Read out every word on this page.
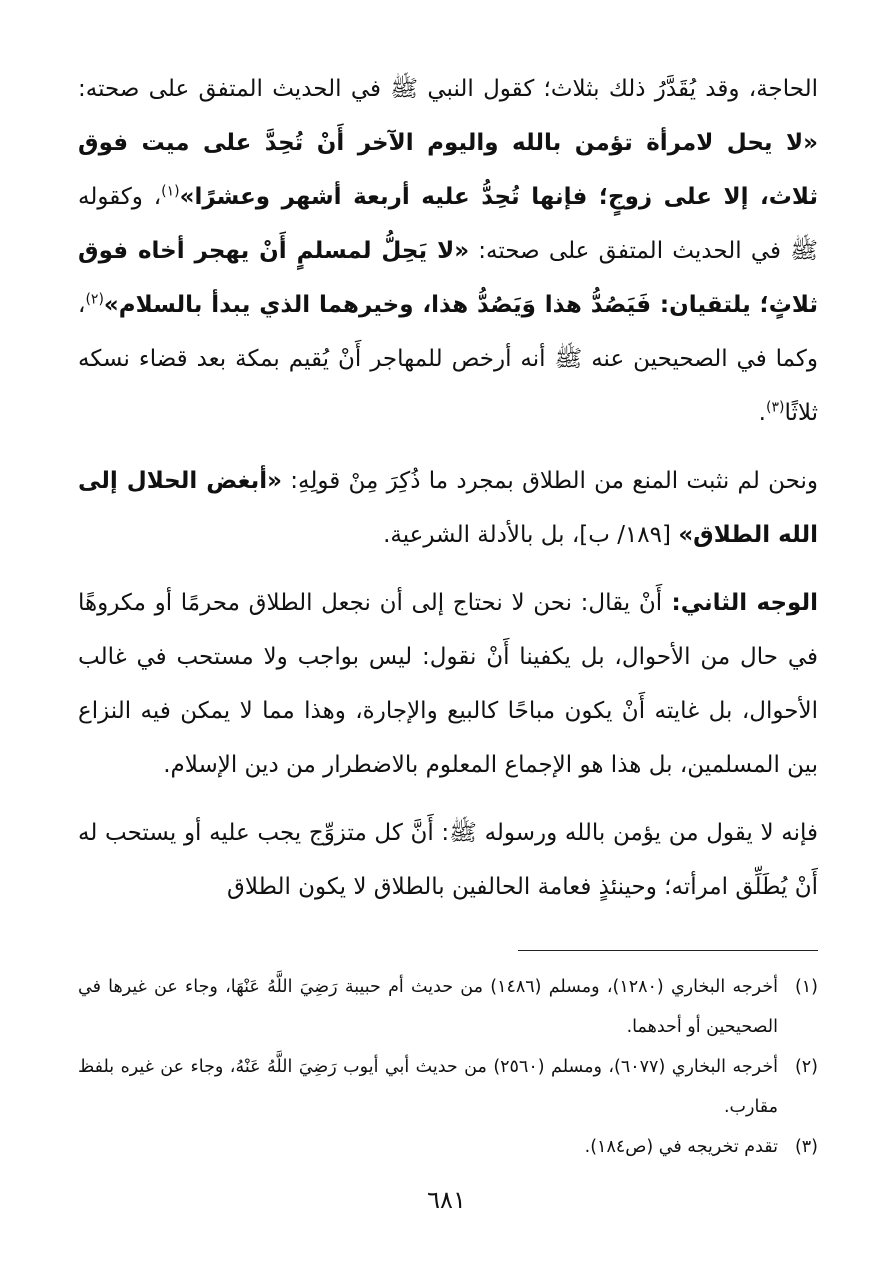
الحاجة، وقد يُقَدَّرُ ذلك بثلاث؛ كقول النبي ﷺ في الحديث المتفق على صحته: «لا يحل لامرأة تؤمن بالله واليوم الآخر أَنْ تُحِدَّ على ميت فوق ثلاث، إلا على زوجٍ؛ فإنها تُحِدُّ عليه أربعة أشهر وعشرًا»$^{(١)}$، وكقوله ﷺ في الحديث المتفق على صحته: «لا يَحِلُّ لمسلمٍ أَنْ يهجر أخاه فوق ثلاثٍ؛ يلتقيان: فَيَصُدُّ هذا وَيَصُدُّ هذا، وخيرهما الذي يبدأ بالسلام»$^{(٢)}$، وكما في الصحيحين عنه ﷺ أنه أرخص للمهاجر أَنْ يُقيم بمكة بعد قضاء نسكه ثلاثًا$^{(٣)}$.

ونحن لم نثبت المنع من الطلاق بمجرد ما ذُكِرَ مِنْ قولِهِ: «أبغض الحلال إلى الله الطلاق» [١٨٩/ ب]، بل بالأدلة الشرعية.

الوجه الثاني: أَنْ يقال: نحن لا نحتاج إلى أن نجعل الطلاق محرمًا أو مكروهًا في حال من الأحوال، بل يكفينا أَنْ نقول: ليس بواجب ولا مستحب في غالب الأحوال، بل غايته أَنْ يكون مباحًا كالبيع والإجارة، وهذا مما لا يمكن فيه النزاع بين المسلمين، بل هذا هو الإجماع المعلوم بالاضطرار من دين الإسلام.

فإنه لا يقول من يؤمن بالله ورسوله ﷺ: أَنَّ كل متزوِّج يجب عليه أو يستحب له أَنْ يُطَلِّق امرأته؛ وحينئذٍ فعامة الحالفين بالطلاق لا يكون الطلاق

(١)
أخرجه البخاري (١٢٨٠)، ومسلم (١٤٨٦) من حديث أم حبيبة رَضِيَ اللَّهُ عَنْهَا، وجاء عن غيرها في الصحيحين أو أحدهما.
(٢)
أخرجه البخاري (٦٠٧٧)، ومسلم (٢٥٦٠) من حديث أبي أيوب رَضِيَ اللَّهُ عَنْهُ، وجاء عن غيره بلفظ مقارب.
(٣)
تقدم تخريجه في (ص١٨٤).
٦٨١
